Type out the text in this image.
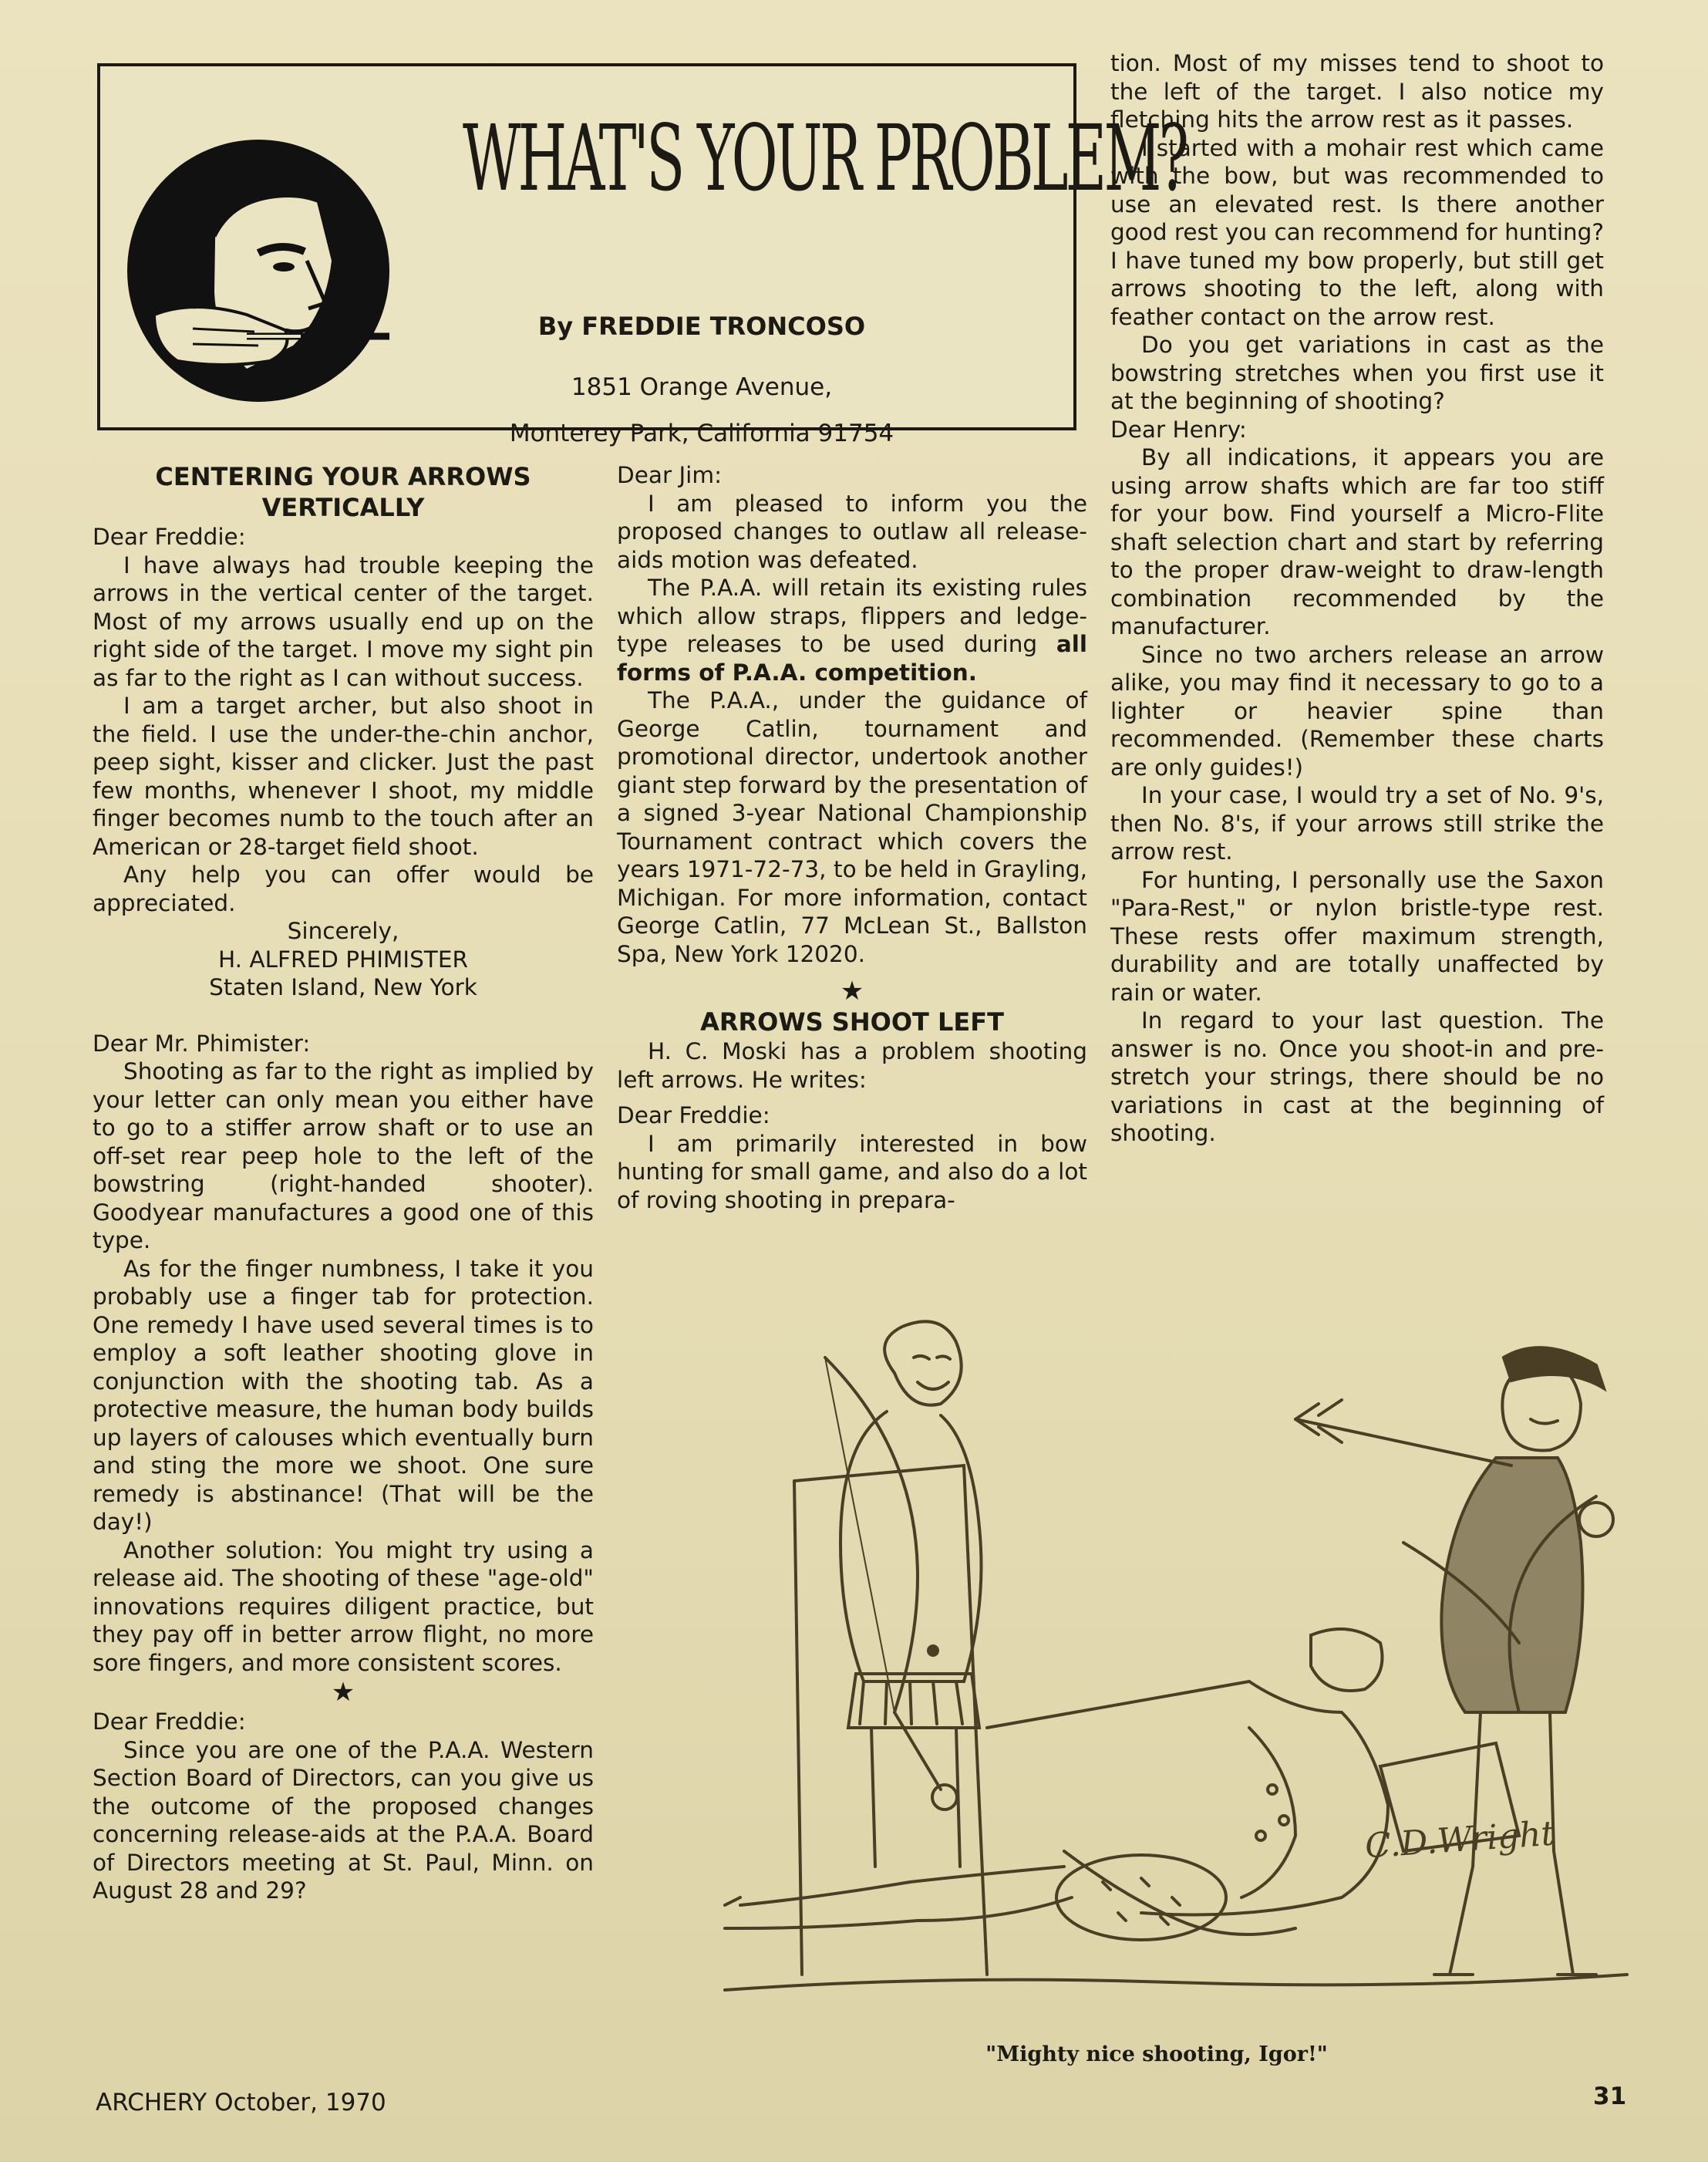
WHAT'S YOUR PROBLEM?
By FREDDIE TRONCOSO
1851 Orange Avenue,
Monterey Park, California 91754
CENTERING YOUR ARROWS VERTICALLY

Dear Freddie:

I have always had trouble keeping the arrows in the vertical center of the target. Most of my arrows usually end up on the right side of the target. I move my sight pin as far to the right as I can without success.

I am a target archer, but also shoot in the field. I use the under-the-chin anchor, peep sight, kisser and clicker. Just the past few months, whenever I shoot, my middle finger becomes numb to the touch after an American or 28-target field shoot.

Any help you can offer would be appreciated.

Sincerely,

H. ALFRED PHIMISTER

Staten Island, New York

Dear Mr. Phimister:

Shooting as far to the right as implied by your letter can only mean you either have to go to a stiffer arrow shaft or to use an off-set rear peep hole to the left of the bowstring (right-handed shooter). Goodyear manufactures a good one of this type.

As for the finger numbness, I take it you probably use a finger tab for protection. One remedy I have used several times is to employ a soft leather shooting glove in conjunction with the shooting tab. As a protective measure, the human body builds up layers of calouses which eventually burn and sting the more we shoot. One sure remedy is abstinance! (That will be the day!)

Another solution: You might try using a release aid. The shooting of these "age-old" innovations requires diligent practice, but they pay off in better arrow flight, no more sore fingers, and more consistent scores.

★

Dear Freddie:

Since you are one of the P.A.A. Western Section Board of Directors, can you give us the outcome of the proposed changes concerning release-aids at the P.A.A. Board of Directors meeting at St. Paul, Minn. on August 28 and 29?

Dear Jim:

I am pleased to inform you the proposed changes to outlaw all release-aids motion was defeated.

The P.A.A. will retain its existing rules which allow straps, flippers and ledge-type releases to be used during all forms of P.A.A. competition.

The P.A.A., under the guidance of George Catlin, tournament and promotional director, undertook another giant step forward by the presentation of a signed 3-year National Championship Tournament contract which covers the years 1971-72-73, to be held in Grayling, Michigan. For more information, contact George Catlin, 77 McLean St., Ballston Spa, New York 12020.

★

ARROWS SHOOT LEFT

H. C. Moski has a problem shooting left arrows. He writes:

Dear Freddie:

I am primarily interested in bow hunting for small game, and also do a lot of roving shooting in prepara-

tion. Most of my misses tend to shoot to the left of the target. I also notice my fletching hits the arrow rest as it passes.

I started with a mohair rest which came with the bow, but was recommended to use an elevated rest. Is there another good rest you can recommend for hunting? I have tuned my bow properly, but still get arrows shooting to the left, along with feather contact on the arrow rest.

Do you get variations in cast as the bowstring stretches when you first use it at the beginning of shooting?

Dear Henry:

By all indications, it appears you are using arrow shafts which are far too stiff for your bow. Find yourself a Micro-Flite shaft selection chart and start by referring to the proper draw-weight to draw-length combination recommended by the manufacturer.

Since no two archers release an arrow alike, you may find it necessary to go to a lighter or heavier spine than recommended. (Remember these charts are only guides!)

In your case, I would try a set of No. 9's, then No. 8's, if your arrows still strike the arrow rest.

For hunting, I personally use the Saxon "Para-Rest," or nylon bristle-type rest. These rests offer maximum strength, durability and are totally unaffected by rain or water.

In regard to your last question. The answer is no. Once you shoot-in and pre-stretch your strings, there should be no variations in cast at the beginning of shooting.

C.D.Wright
"Mighty nice shooting, Igor!"
ARCHERY October, 1970	31
